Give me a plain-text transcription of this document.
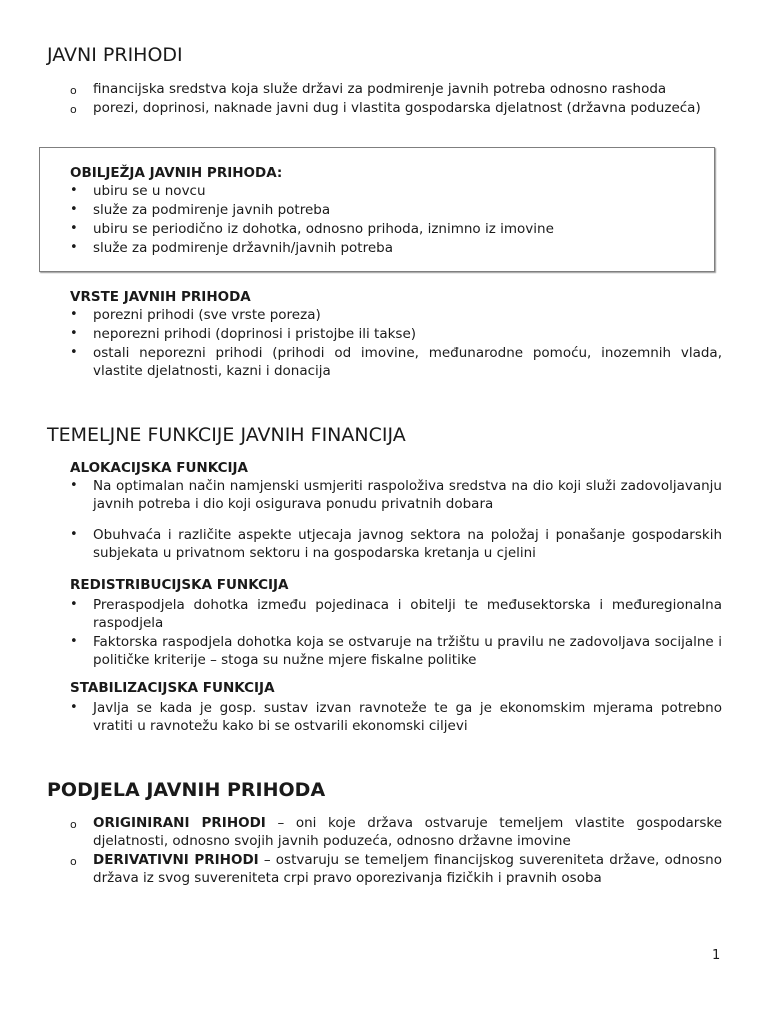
JAVNI PRIHODI
o	financijska sredstva koja služe državi za podmirenje javnih potreba odnosno rashoda
o	porezi, doprinosi, naknade javni dug i vlastita gospodarska djelatnost (državna poduzeća)
OBILJEŽJA JAVNIH PRIHODA:
•	ubiru se u novcu
•	služe za podmirenje javnih potreba
•	ubiru se periodično iz dohotka, odnosno prihoda, iznimno iz imovine
•	služe za podmirenje državnih/javnih potreba
VRSTE JAVNIH PRIHODA
•	porezni prihodi (sve vrste poreza)
•	neporezni prihodi (doprinosi i pristojbe ili takse)
•	ostali neporezni prihodi (prihodi od imovine, međunarodne pomoću, inozemnih vlada, vlastite djelatnosti, kazni i donacija
TEMELJNE FUNKCIJE JAVNIH FINANCIJA
ALOKACIJSKA FUNKCIJA
•	Na optimalan način namjenski usmjeriti raspoloživa sredstva na dio koji služi zadovoljavanju javnih potreba i dio koji osigurava ponudu privatnih dobara
•	Obuhvaća i različite aspekte utjecaja javnog sektora na položaj i ponašanje gospodarskih subjekata u privatnom sektoru i na gospodarska kretanja u cjelini
REDISTRIBUCIJSKA FUNKCIJA
•	Preraspodjela dohotka između pojedinaca i obitelji te međusektorska i međuregionalna raspodjela
•	Faktorska raspodjela dohotka koja se ostvaruje na tržištu u pravilu ne zadovoljava socijalne i političke kriterije – stoga su nužne mjere fiskalne politike
STABILIZACIJSKA FUNKCIJA
•	Javlja se kada je gosp. sustav izvan ravnoteže te ga je ekonomskim mjerama potrebno vratiti u ravnotežu kako bi se ostvarili ekonomski ciljevi
PODJELA JAVNIH PRIHODA
o	ORIGINIRANI PRIHODI – oni koje država ostvaruje temeljem vlastite gospodarske djelatnosti, odnosno svojih javnih poduzeća, odnosno državne imovine
o	DERIVATIVNI PRIHODI – ostvaruju se temeljem financijskog suvereniteta države, odnosno država iz svog suvereniteta crpi pravo oporezivanja fizičkih i pravnih osoba
1
